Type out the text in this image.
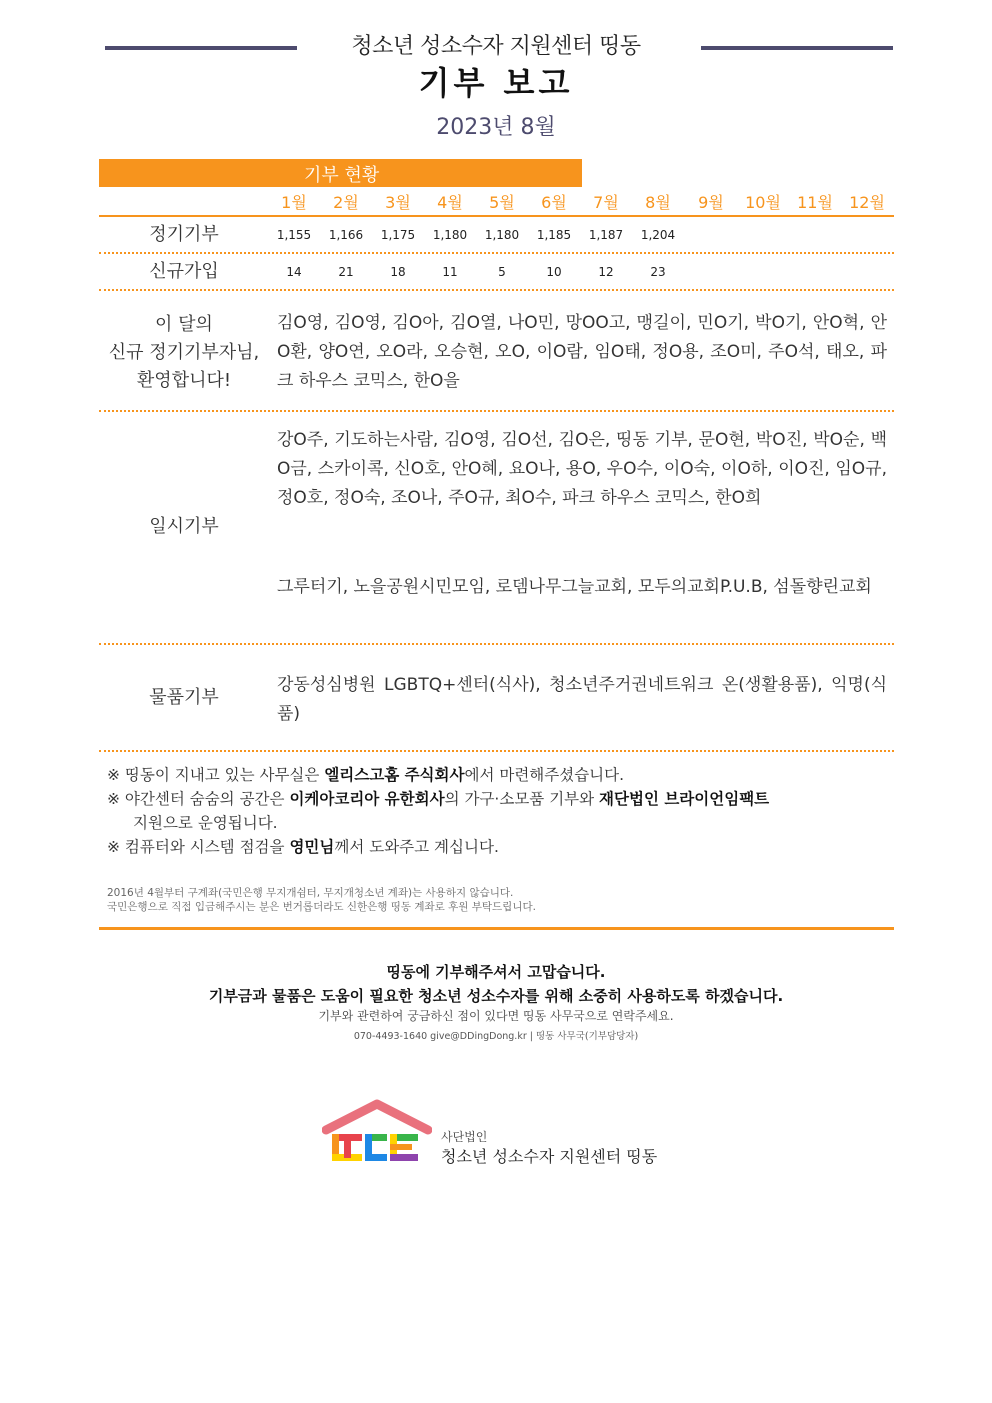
청소년 성소수자 지원센터 띵동
기부 보고
2023년 8월
기부 현황
1월	2월	3월	4월	5월	6월	7월	8월	9월	10월	11월	12월
정기기부	1,155	1,166	1,175	1,180	1,180	1,185	1,187	1,204
신규가입	14	21	18	11	5	10	12	23
이 달의
신규 정기기부자님,
환영합니다!
김O영, 김O영, 김O아, 김O열, 나O민, 망OO고, 맹길이, 민O기, 박O기, 안O혁, 안O환, 양O연, 오O라, 오승현, 오O, 이O람, 임O태, 정O용, 조O미, 주O석, 태오, 파크 하우스 코믹스, 한O을
일시기부
강O주, 기도하는사람, 김O영, 김O선, 김O은, 띵동 기부, 문O현, 박O진, 박O순, 백O금, 스카이콕, 신O호, 안O혜, 요O나, 용O, 우O수, 이O숙, 이O하, 이O진, 임O규, 정O호, 정O숙, 조O나, 주O규, 최O수, 파크 하우스 코믹스, 한O희
그루터기, 노을공원시민모임, 로뎀나무그늘교회, 모두의교회P.U.B, 섬돌향린교회
물품기부
강동성심병원 LGBTQ+센터(식사), 청소년주거권네트워크 온(생활용품), 익명(식품)
※ 띵동이 지내고 있는 사무실은 엘리스고홈 주식회사에서 마련해주셨습니다.
※ 야간센터 숨숨의 공간은 이케아코리아 유한회사의 가구·소모품 기부와 재단법인 브라이언임팩트
지원으로 운영됩니다.
※ 컴퓨터와 시스템 점검을 영민님께서 도와주고 계십니다.
2016년 4월부터 구계좌(국민은행 무지개쉼터, 무지개청소년 계좌)는 사용하지 않습니다.
국민은행으로 직접 입금해주시는 분은 번거롭더라도 신한은행 띵동 계좌로 후원 부탁드립니다.
띵동에 기부해주셔서 고맙습니다.
기부금과 물품은 도움이 필요한 청소년 성소수자를 위해 소중히 사용하도록 하겠습니다.
기부와 관련하여 궁금하신 점이 있다면 띵동 사무국으로 연락주세요.
070-4493-1640 give@DDingDong.kr | 띵동 사무국(기부담당자)
사단법인
청소년 성소수자 지원센터 띵동
